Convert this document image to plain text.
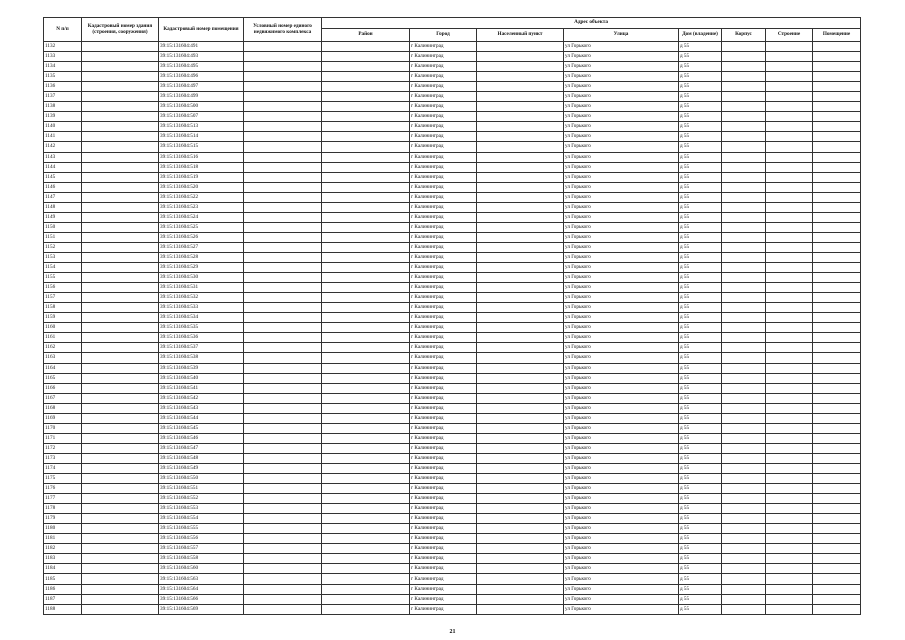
N п/п	Кадастровый номер здания (строения, сооружения)	Кадастровый номер помещения	Условный номер единого недвижимого комплекса	Адрес объекта							
				Район	Город	Населенный пункт	Улица	Дом (владение)	Корпус	Строение	Помещение
1132		39:15:131604:491			г Калининград		ул Горького	д 55			
1133		39:15:131604:493			г Калининград		ул Горького	д 55			
1134		39:15:131604:495			г Калининград		ул Горького	д 55			
1135		39:15:131604:496			г Калининград		ул Горького	д 55			
1136		39:15:131604:497			г Калининград		ул Горького	д 55			
1137		39:15:131604:499			г Калининград		ул Горького	д 55			
1138		39:15:131604:500			г Калининград		ул Горького	д 55			
1139		39:15:131604:507			г Калининград		ул Горького	д 55			
1140		39:15:131604:513			г Калининград		ул Горького	д 55			
1141		39:15:131604:514			г Калининград		ул Горького	д 55			
1142		39:15:131604:515			г Калининград		ул Горького	д 55			
1143		39:15:131604:516			г Калининград		ул Горького	д 55			
1144		39:15:131604:518			г Калининград		ул Горького	д 55			
1145		39:15:131604:519			г Калининград		ул Горького	д 55			
1146		39:15:131604:520			г Калининград		ул Горького	д 55			
1147		39:15:131604:522			г Калининград		ул Горького	д 55			
1148		39:15:131604:523			г Калининград		ул Горького	д 55			
1149		39:15:131604:524			г Калининград		ул Горького	д 55			
1150		39:15:131604:525			г Калининград		ул Горького	д 55			
1151		39:15:131604:526			г Калининград		ул Горького	д 55			
1152		39:15:131604:527			г Калининград		ул Горького	д 55			
1153		39:15:131604:528			г Калининград		ул Горького	д 55			
1154		39:15:131604:529			г Калининград		ул Горького	д 55			
1155		39:15:131604:530			г Калининград		ул Горького	д 55			
1156		39:15:131604:531			г Калининград		ул Горького	д 55			
1157		39:15:131604:532			г Калининград		ул Горького	д 55			
1158		39:15:131604:533			г Калининград		ул Горького	д 55			
1159		39:15:131604:534			г Калининград		ул Горького	д 55			
1160		39:15:131604:535			г Калининград		ул Горького	д 55			
1161		39:15:131604:536			г Калининград		ул Горького	д 55			
1162		39:15:131604:537			г Калининград		ул Горького	д 55			
1163		39:15:131604:538			г Калининград		ул Горького	д 55			
1164		39:15:131604:539			г Калининград		ул Горького	д 55			
1165		39:15:131604:540			г Калининград		ул Горького	д 55			
1166		39:15:131604:541			г Калининград		ул Горького	д 55			
1167		39:15:131604:542			г Калининград		ул Горького	д 55			
1168		39:15:131604:543			г Калининград		ул Горького	д 55			
1169		39:15:131604:544			г Калининград		ул Горького	д 55			
1170		39:15:131604:545			г Калининград		ул Горького	д 55			
1171		39:15:131604:546			г Калининград		ул Горького	д 55			
1172		39:15:131604:547			г Калининград		ул Горького	д 55			
1173		39:15:131604:548			г Калининград		ул Горького	д 55			
1174		39:15:131604:549			г Калининград		ул Горького	д 55			
1175		39:15:131604:550			г Калининград		ул Горького	д 55			
1176		39:15:131604:551			г Калининград		ул Горького	д 55			
1177		39:15:131604:552			г Калининград		ул Горького	д 55			
1178		39:15:131604:553			г Калининград		ул Горького	д 55			
1179		39:15:131604:554			г Калининград		ул Горького	д 55			
1180		39:15:131604:555			г Калининград		ул Горького	д 55			
1181		39:15:131604:556			г Калининград		ул Горького	д 55			
1182		39:15:131604:557			г Калининград		ул Горького	д 55			
1183		39:15:131604:558			г Калининград		ул Горького	д 55			
1184		39:15:131604:560			г Калининград		ул Горького	д 55			
1185		39:15:131604:563			г Калининград		ул Горького	д 55			
1186		39:15:131604:564			г Калининград		ул Горького	д 55			
1187		39:15:131604:566			г Калининград		ул Горького	д 55			
1188		39:15:131604:569			г Калининград		ул Горького	д 55			
21
